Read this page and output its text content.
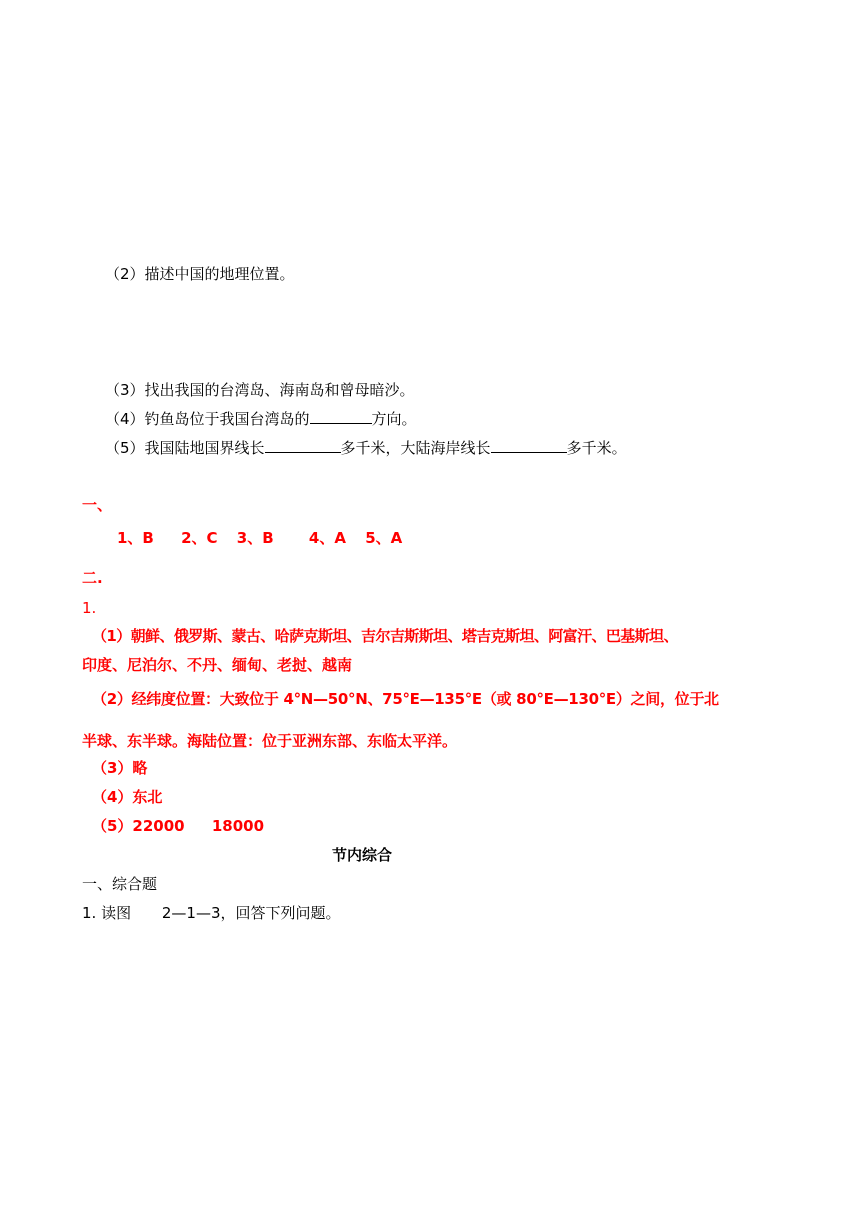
（2）描述中国的地理位置。
（3）找出我国的台湾岛、海南岛和曾母暗沙。
（4）钓鱼岛位于我国台湾岛的	方向。
（5）我国陆地国界线长	多千米，大陆海岸线长	多千米。
一、
1、B 2、C 3、B 4、A 5、A
二.
1.
（1）朝鲜、俄罗斯、蒙古、哈萨克斯坦、吉尔吉斯斯坦、塔吉克斯坦、阿富汗、巴基斯坦、
印度、尼泊尔、不丹、缅甸、老挝、越南
（2）经纬度位置：大致位于 4°N—50°N、75°E—135°E（或 80°E—130°E）之间，位于北
半球、东半球。海陆位置：位于亚洲东部、东临太平洋。
（3）略
（4）东北
（5）22000 18000
节内综合
一、综合题
1. 读图 2—1—3，回答下列问题。
